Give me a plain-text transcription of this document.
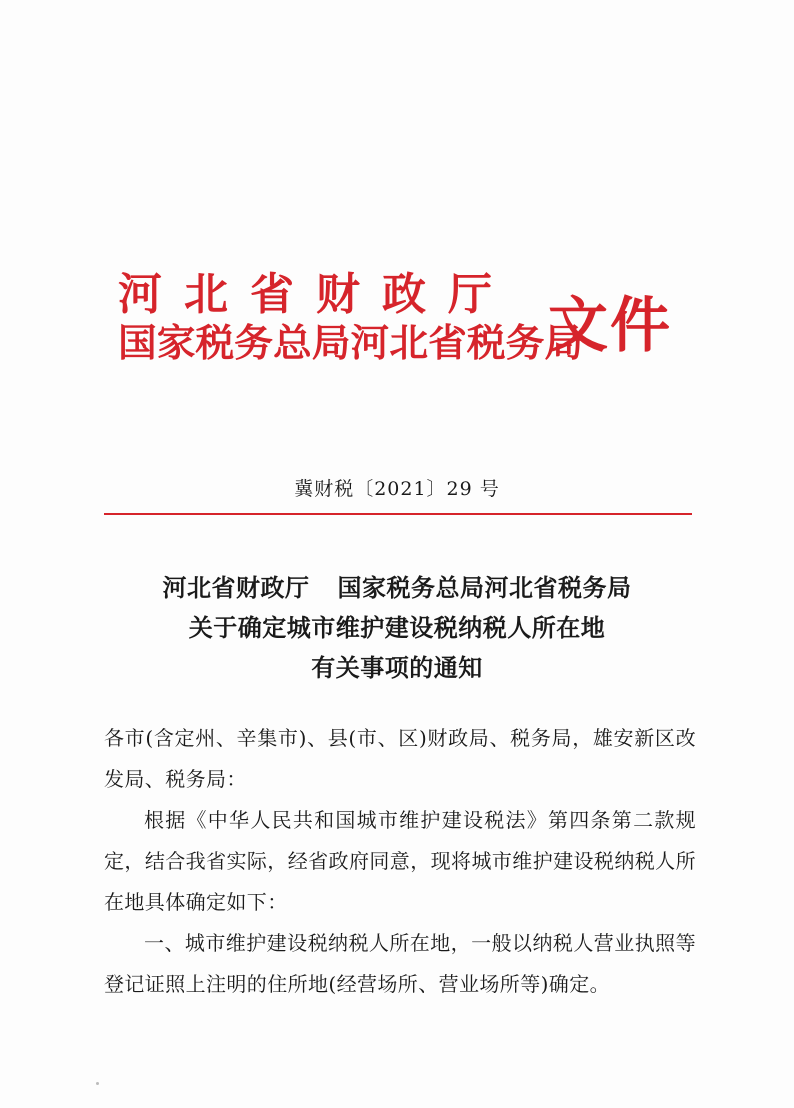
河北省财政厅
国家税务总局河北省税务局
文件
冀财税〔2021〕29 号
河北省财政厅 国家税务总局河北省税务局
关于确定城市维护建设税纳税人所在地
有关事项的通知

各市(含定州、辛集市)、县(市、区)财政局、税务局，雄安新区改发局、税务局：

根据《中华人民共和国城市维护建设税法》第四条第二款规定，结合我省实际，经省政府同意，现将城市维护建设税纳税人所在地具体确定如下：

一、城市维护建设税纳税人所在地，一般以纳税人营业执照等登记证照上注明的住所地(经营场所、营业场所等)确定。
